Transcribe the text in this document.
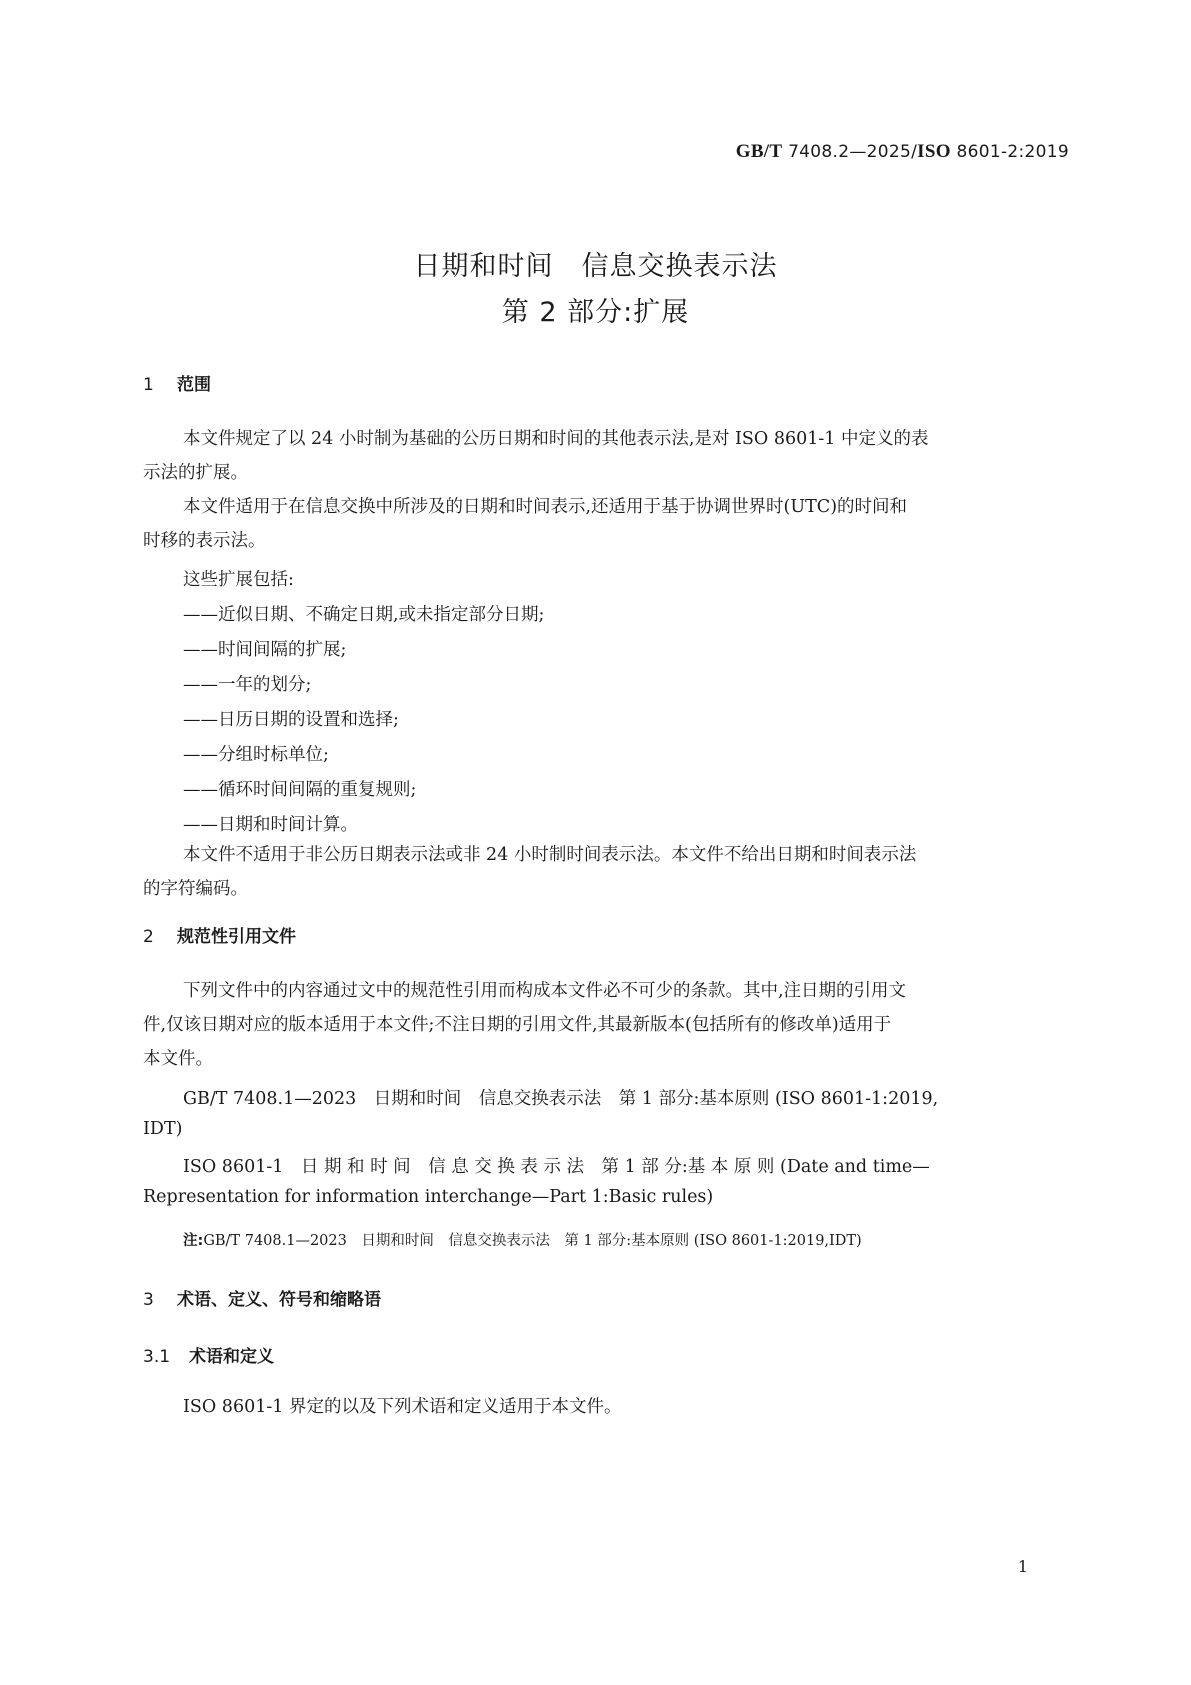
GB/T 7408.2—2025/ISO 8601-2:2019
日期和时间　信息交换表示法
第 2 部分:扩展
1 范围
本文件规定了以 24 小时制为基础的公历日期和时间的其他表示法,是对 ISO 8601-1 中定义的表
示法的扩展。
本文件适用于在信息交换中所涉及的日期和时间表示,还适用于基于协调世界时(UTC)的时间和
时移的表示法。
这些扩展包括:
——近似日期、不确定日期,或未指定部分日期;
——时间间隔的扩展;
——一年的划分;
——日历日期的设置和选择;
——分组时标单位;
——循环时间间隔的重复规则;
——日期和时间计算。
本文件不适用于非公历日期表示法或非 24 小时制时间表示法。本文件不给出日期和时间表示法
的字符编码。
2 规范性引用文件
下列文件中的内容通过文中的规范性引用而构成本文件必不可少的条款。其中,注日期的引用文
件,仅该日期对应的版本适用于本文件;不注日期的引用文件,其最新版本(包括所有的修改单)适用于
本文件。
GB/T 7408.1—2023　日期和时间　信息交换表示法　第 1 部分:基本原则 (ISO 8601-1:2019,
IDT)
ISO 8601-1　日 期 和 时 间　信 息 交 换 表 示 法　第 1 部 分:基 本 原 则 (Date and time—
Representation for information interchange—Part 1:Basic rules)
注:GB/T 7408.1—2023　日期和时间　信息交换表示法　第 1 部分:基本原则 (ISO 8601-1:2019,IDT)
3 术语、定义、符号和缩略语
3.1 术语和定义
ISO 8601-1 界定的以及下列术语和定义适用于本文件。
1
